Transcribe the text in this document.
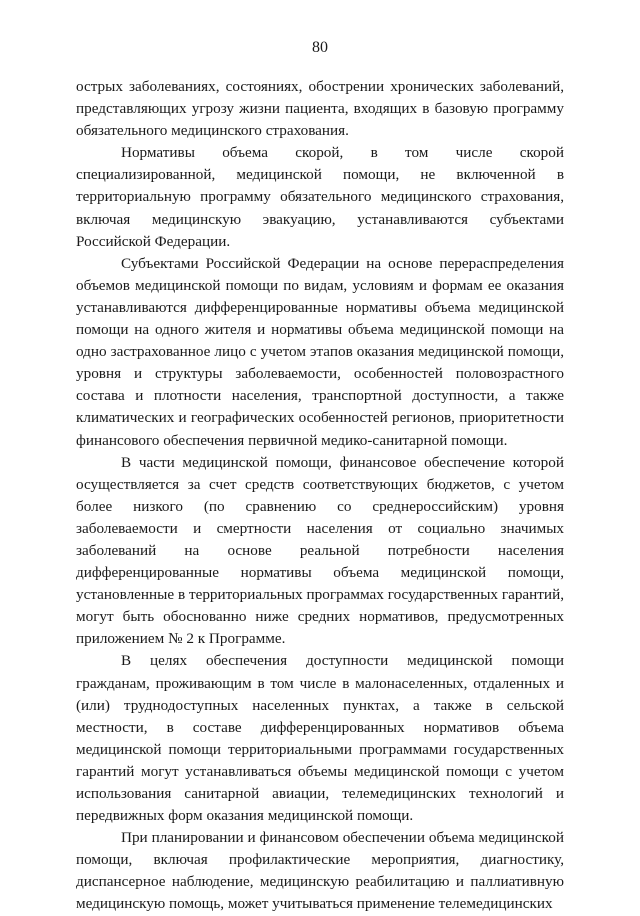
80

острых заболеваниях, состояниях, обострении хронических заболеваний, представляющих угрозу жизни пациента, входящих в базовую программу обязательного медицинского страхования.

Нормативы объема скорой, в том числе скорой специализированной, медицинской помощи, не включенной в территориальную программу обязательного медицинского страхования, включая медицинскую эвакуацию, устанавливаются субъектами Российской Федерации.

Субъектами Российской Федерации на основе перераспределения объемов медицинской помощи по видам, условиям и формам ее оказания устанавливаются дифференцированные нормативы объема медицинской помощи на одного жителя и нормативы объема медицинской помощи на одно застрахованное лицо с учетом этапов оказания медицинской помощи, уровня и структуры заболеваемости, особенностей половозрастного состава и плотности населения, транспортной доступности, а также климатических и географических особенностей регионов, приоритетности финансового обеспечения первичной медико-санитарной помощи.

В части медицинской помощи, финансовое обеспечение которой осуществляется за счет средств соответствующих бюджетов, с учетом более низкого (по сравнению со среднероссийским) уровня заболеваемости и смертности населения от социально значимых заболеваний на основе реальной потребности населения дифференцированные нормативы объема медицинской помощи, установленные в территориальных программах государственных гарантий, могут быть обоснованно ниже средних нормативов, предусмотренных приложением № 2 к Программе.

В целях обеспечения доступности медицинской помощи гражданам, проживающим в том числе в малонаселенных, отдаленных и (или) труднодоступных населенных пунктах, а также в сельской местности, в составе дифференцированных нормативов объема медицинской помощи территориальными программами государственных гарантий могут устанавливаться объемы медицинской помощи с учетом использования санитарной авиации, телемедицинских технологий и передвижных форм оказания медицинской помощи.

При планировании и финансовом обеспечении объема медицинской помощи, включая профилактические мероприятия, диагностику, диспансерное наблюдение, медицинскую реабилитацию и паллиативную медицинскую помощь, может учитываться применение телемедицинских
